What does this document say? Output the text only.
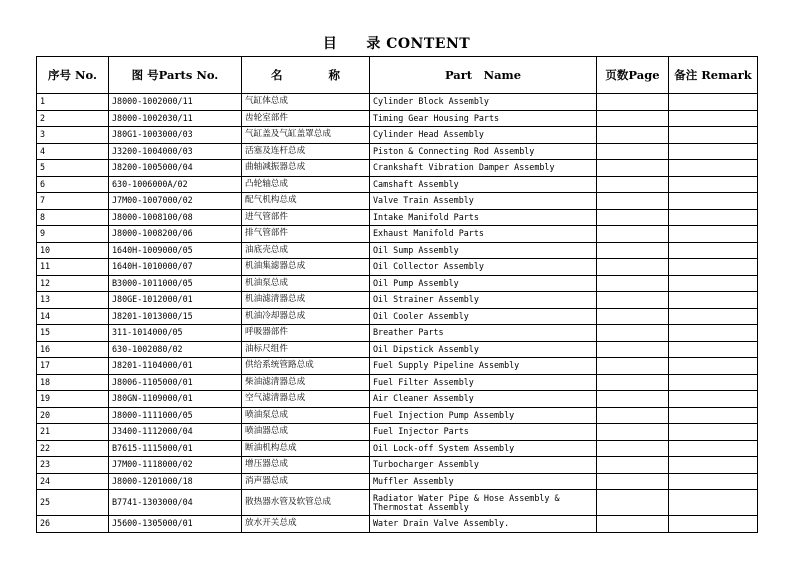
目　　录 CONTENT
序号 No.	图 号Parts No.	名　　　　称	Part　Name	页数Page	备注 Remark
1	J8000-1002000/11	气缸体总成	Cylinder Block Assembly		
2	J8000-1002030/11	齿轮室部件	Timing Gear Housing Parts		
3	J80G1-1003000/03	气缸盖及气缸盖罩总成	Cylinder Head Assembly		
4	J3200-1004000/03	活塞及连杆总成	Piston & Connecting Rod Assembly		
5	J8200-1005000/04	曲轴减振器总成	Crankshaft Vibration Damper Assembly		
6	630-1006000A/02	凸轮轴总成	Camshaft Assembly		
7	J7M00-1007000/02	配气机构总成	Valve Train Assembly		
8	J8000-1008100/08	进气管部件	Intake Manifold Parts		
9	J8000-1008200/06	排气管部件	Exhaust Manifold Parts		
10	1640H-1009000/05	油底壳总成	Oil Sump Assembly		
11	1640H-1010000/07	机油集滤器总成	Oil Collector Assembly		
12	B3000-1011000/05	机油泵总成	Oil Pump Assembly		
13	J80GE-1012000/01	机油滤清器总成	Oil Strainer Assembly		
14	J8201-1013000/15	机油冷却器总成	Oil Cooler Assembly		
15	311-1014000/05	呼吸器部件	Breather Parts		
16	630-1002080/02	油标尺组件	Oil Dipstick Assembly		
17	J8201-1104000/01	供给系统管路总成	Fuel Supply Pipeline Assembly		
18	J8006-1105000/01	柴油滤清器总成	Fuel Filter Assembly		
19	J80GN-1109000/01	空气滤清器总成	Air Cleaner Assembly		
20	J8000-1111000/05	喷油泵总成	Fuel Injection Pump Assembly		
21	J3400-1112000/04	喷油器总成	Fuel Injector Parts		
22	B7615-1115000/01	断油机构总成	Oil Lock-off System Assembly		
23	J7M00-1118000/02	增压器总成	Turbocharger Assembly		
24	J8000-1201000/18	消声器总成	Muffler Assembly		
25	B7741-1303000/04	散热器水管及软管总成	Radiator Water Pipe & Hose Assembly &
Thermostat Assembly		
26	J5600-1305000/01	放水开关总成	Water Drain Valve Assembly.		
